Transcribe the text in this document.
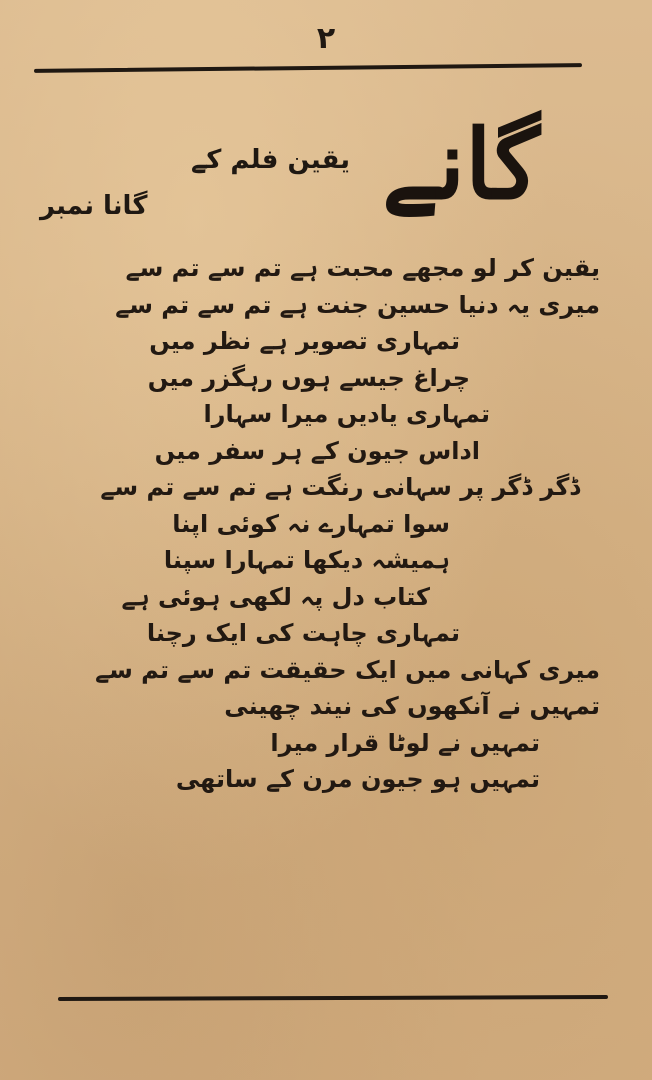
۲
گانے
یقین فلم کے
گانا نمبر
یقین کر لو مجھے محبت ہے تم سے تم سے
میری یہ دنیا حسین جنت ہے تم سے تم سے
تمہاری تصویر ہے نظر میں
چراغ جیسے ہوں رہگزر میں
تمہاری یادیں میرا سہارا
اداس جیون کے ہر سفر میں
ڈگر ڈگر پر سہانی رنگت ہے تم سے تم سے
سوا تمہارے نہ کوئی اپنا
ہمیشہ دیکھا تمہارا سپنا
کتاب دل پہ لکھی ہوئی ہے
تمہاری چاہت کی ایک رچنا
میری کہانی میں ایک حقیقت تم سے تم سے
تمہیں نے آنکھوں کی نیند چھینی
تمہیں نے لوٹا قرار میرا
تمہیں ہو جیون مرن کے ساتھی
